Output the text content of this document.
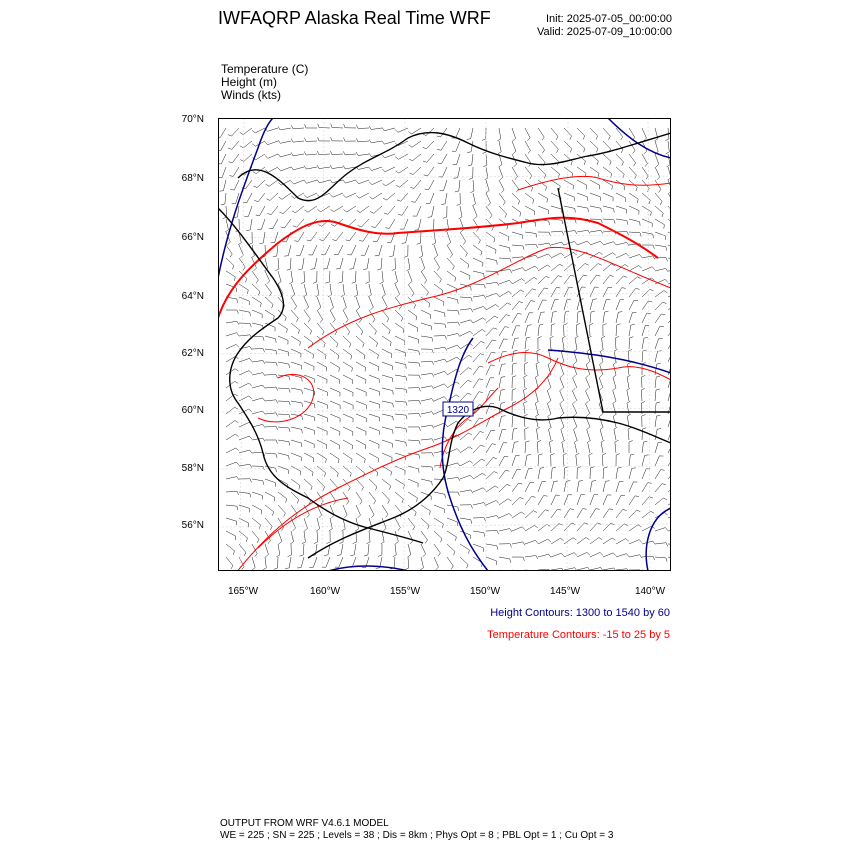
IWFAQRP Alaska Real Time WRF	Init: 2025-07-05_00:00:00
Valid: 2025-07-09_10:00:00
Temperature (C)
Height (m)
Winds (kts)
70°N
68°N
66°N
64°N
62°N
60°N
58°N
56°N
165°W	160°W	155°W	150°W	145°W	140°W
1320
Height Contours: 1300 to 1540 by 60
Temperature Contours: -15 to 25 by 5
OUTPUT FROM WRF V4.6.1 MODEL
WE = 225 ; SN = 225 ; Levels = 38 ; Dis = 8km ; Phys Opt = 8 ; PBL Opt = 1 ; Cu Opt = 3
